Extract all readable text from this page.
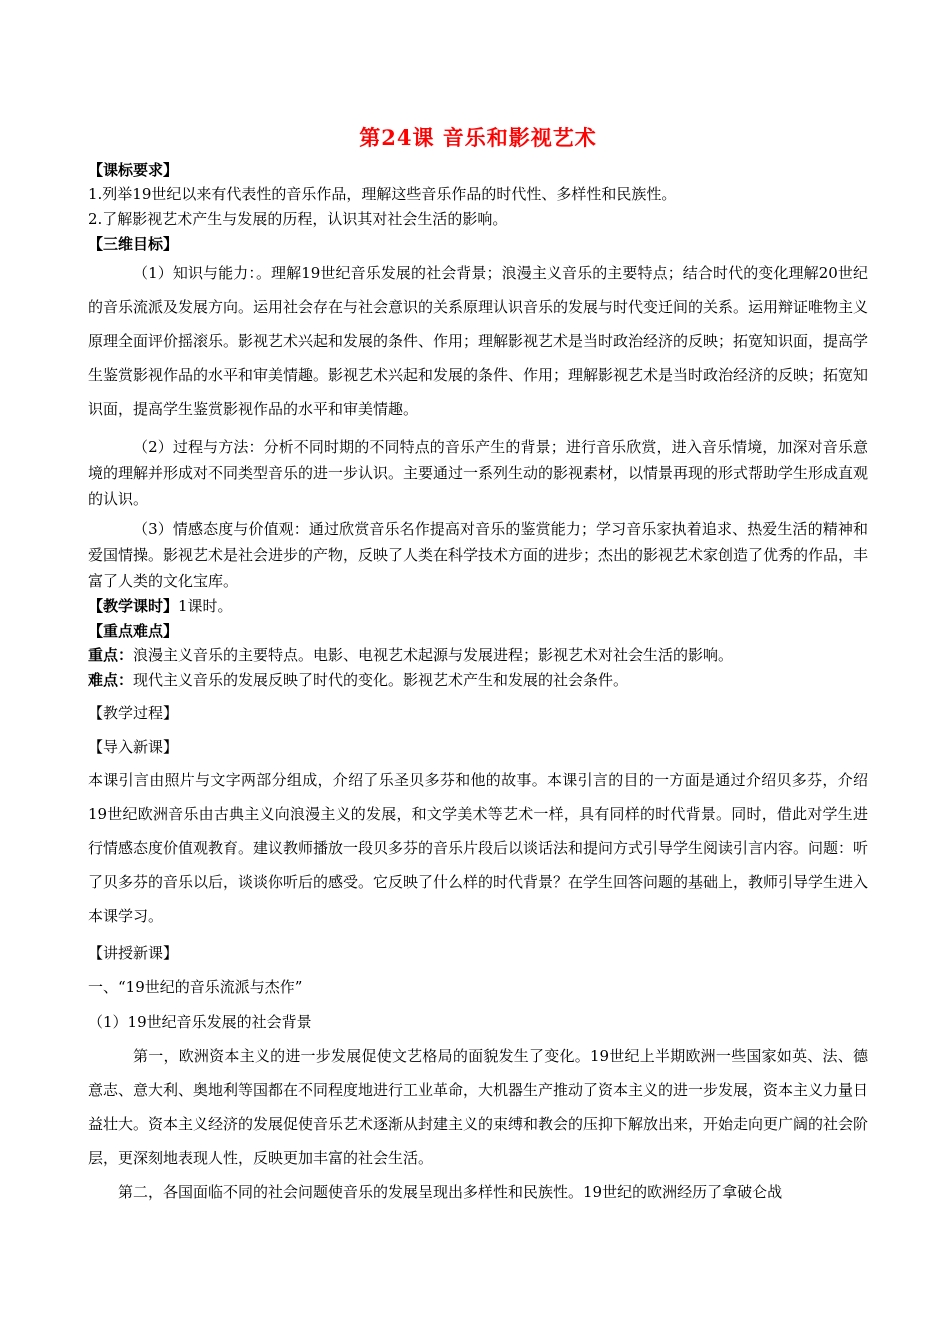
第24课 音乐和影视艺术

【课标要求】

1.列举19世纪以来有代表性的音乐作品，理解这些音乐作品的时代性、多样性和民族性。

2.了解影视艺术产生与发展的历程，认识其对社会生活的影响。

【三维目标】

（1）知识与能力：。理解19世纪音乐发展的社会背景；浪漫主义音乐的主要特点；结合时代的变化理解20世纪的音乐流派及发展方向。运用社会存在与社会意识的关系原理认识音乐的发展与时代变迁间的关系。运用辩证唯物主义原理全面评价摇滚乐。影视艺术兴起和发展的条件、作用；理解影视艺术是当时政治经济的反映；拓宽知识面，提高学生鉴赏影视作品的水平和审美情趣。影视艺术兴起和发展的条件、作用；理解影视艺术是当时政治经济的反映；拓宽知识面，提高学生鉴赏影视作品的水平和审美情趣。

（2）过程与方法：分析不同时期的不同特点的音乐产生的背景；进行音乐欣赏，进入音乐情境，加深对音乐意境的理解并形成对不同类型音乐的进一步认识。主要通过一系列生动的影视素材，以情景再现的形式帮助学生形成直观的认识。

（3）情感态度与价值观：通过欣赏音乐名作提高对音乐的鉴赏能力；学习音乐家执着追求、热爱生活的精神和爱国情操。影视艺术是社会进步的产物，反映了人类在科学技术方面的进步；杰出的影视艺术家创造了优秀的作品，丰富了人类的文化宝库。

【教学课时】1课时。

【重点难点】

重点：浪漫主义音乐的主要特点。电影、电视艺术起源与发展进程；影视艺术对社会生活的影响。

难点：现代主义音乐的发展反映了时代的变化。影视艺术产生和发展的社会条件。

【教学过程】

【导入新课】

本课引言由照片与文字两部分组成，介绍了乐圣贝多芬和他的故事。本课引言的目的一方面是通过介绍贝多芬，介绍19世纪欧洲音乐由古典主义向浪漫主义的发展，和文学美术等艺术一样，具有同样的时代背景。同时，借此对学生进行情感态度价值观教育。建议教师播放一段贝多芬的音乐片段后以谈话法和提问方式引导学生阅读引言内容。问题：听了贝多芬的音乐以后，谈谈你听后的感受。它反映了什么样的时代背景？在学生回答问题的基础上，教师引导学生进入本课学习。

【讲授新课】

一、“19世纪的音乐流派与杰作”

（1）19世纪音乐发展的社会背景

第一，欧洲资本主义的进一步发展促使文艺格局的面貌发生了变化。19世纪上半期欧洲一些国家如英、法、德意志、意大利、奥地利等国都在不同程度地进行工业革命，大机器生产推动了资本主义的进一步发展，资本主义力量日益壮大。资本主义经济的发展促使音乐艺术逐渐从封建主义的束缚和教会的压抑下解放出来，开始走向更广阔的社会阶层，更深刻地表现人性，反映更加丰富的社会生活。

第二，各国面临不同的社会问题使音乐的发展呈现出多样性和民族性。19世纪的欧洲经历了拿破仑战
